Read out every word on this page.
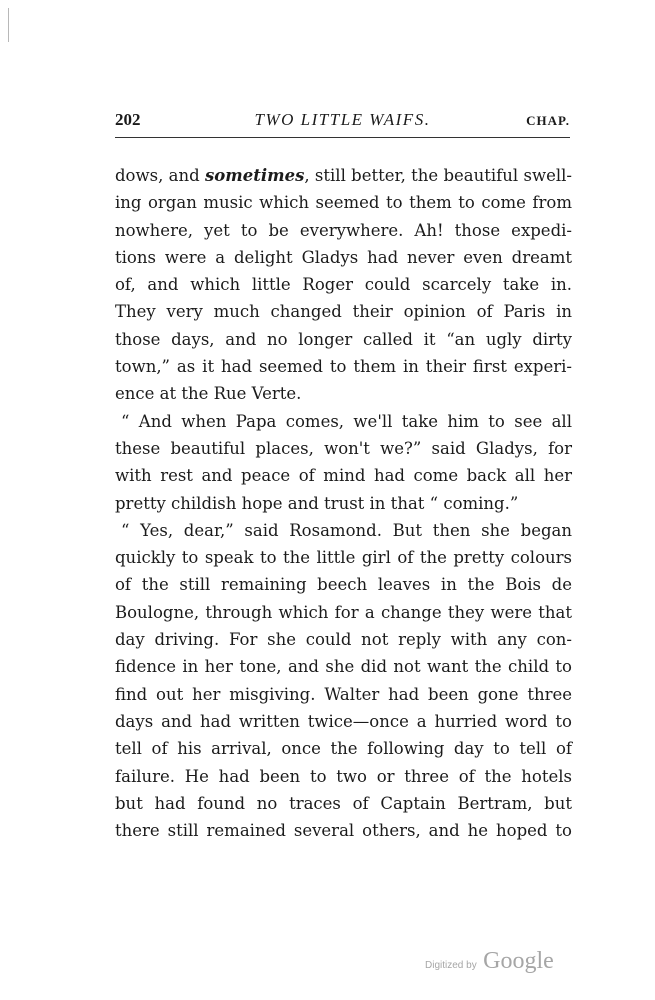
202	TWO LITTLE WAIFS.	CHAP.
dows, and sometimes, still better, the beautiful swell-
ing organ music which seemed to them to come from
nowhere, yet to be everywhere. Ah! those expedi-
tions were a delight Gladys had never even dreamt
of, and which little Roger could scarcely take in.
They very much changed their opinion of Paris in
those days, and no longer called it “an ugly dirty
town,” as it had seemed to them in their first experi-
ence at the Rue Verte.
“ And when Papa comes, we'll take him to see all
these beautiful places, won't we?” said Gladys, for
with rest and peace of mind had come back all her
pretty childish hope and trust in that “ coming.”
“ Yes, dear,” said Rosamond. But then she began
quickly to speak to the little girl of the pretty colours
of the still remaining beech leaves in the Bois de
Boulogne, through which for a change they were that
day driving. For she could not reply with any con-
fidence in her tone, and she did not want the child to
find out her misgiving. Walter had been gone three
days and had written twice—once a hurried word to
tell of his arrival, once the following day to tell of
failure. He had been to two or three of the hotels
but had found no traces of Captain Bertram, but
there still remained several others, and he hoped to
Digitized by Google
